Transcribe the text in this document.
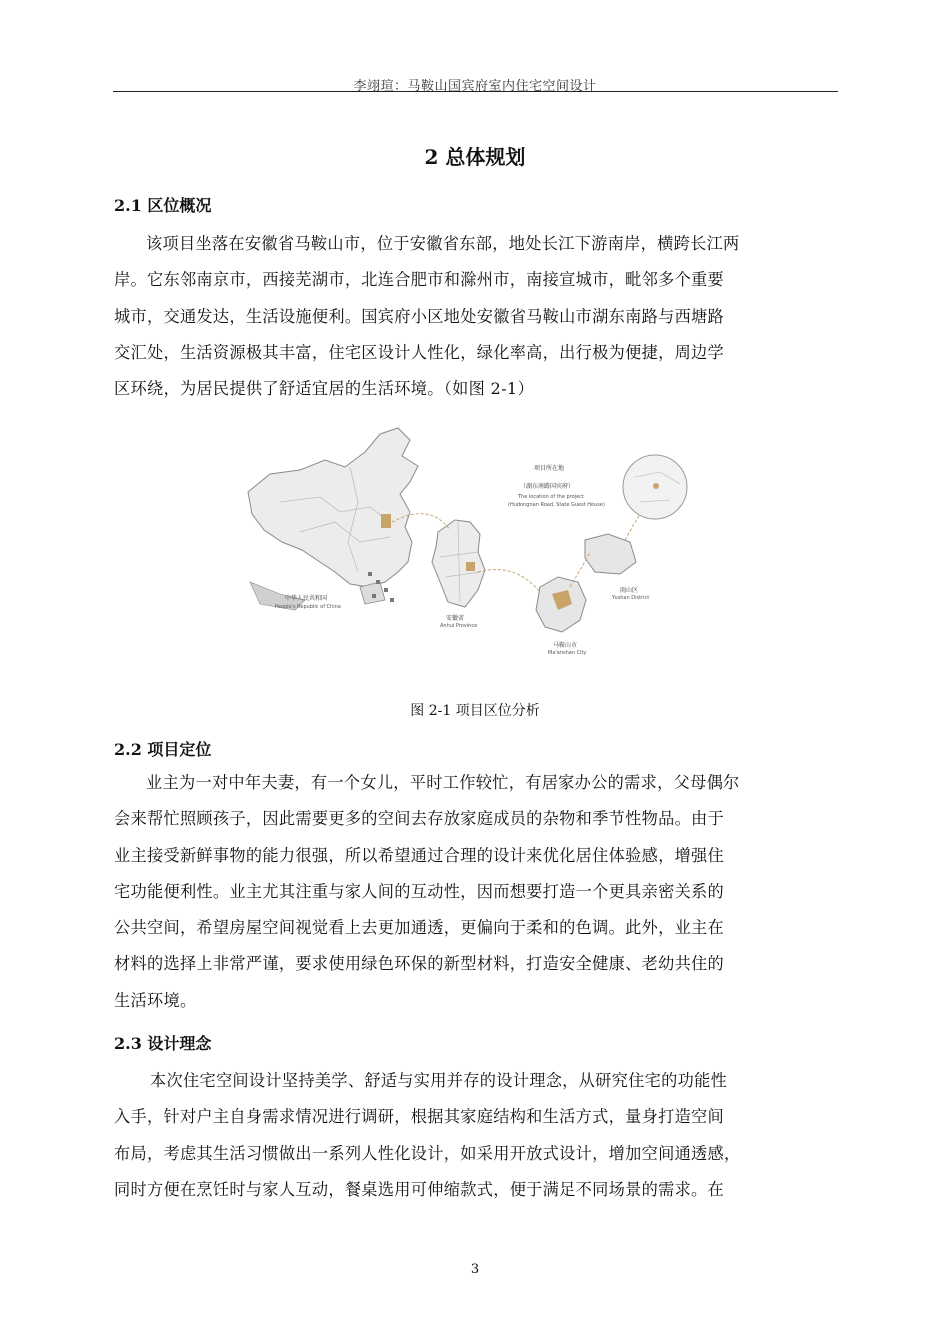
李翊瑄：马鞍山国宾府室内住宅空间设计
2 总体规划
2.1 区位概况
该项目坐落在安徽省马鞍山市，位于安徽省东部，地处长江下游南岸，横跨长江两
岸。它东邻南京市，西接芜湖市，北连合肥市和滁州市，南接宣城市，毗邻多个重要
城市，交通发达，生活设施便利。国宾府小区地处安徽省马鞍山市湖东南路与西塘路
交汇处，生活资源极其丰富，住宅区设计人性化，绿化率高，出行极为便捷，周边学
区环绕，为居民提供了舒适宜居的生活环境。（如图 2-1）
中华人民共和国
People's Republic of China
安徽省
Anhui Province
马鞍山市
Ma'anshan City
雨山区
Yushan District
项目所在地
（湖东南路国宾府）
The location of the project
(Hudongnan Road, State Guest House)
图 2-1 项目区位分析
2.2 项目定位
业主为一对中年夫妻，有一个女儿，平时工作较忙，有居家办公的需求，父母偶尔
会来帮忙照顾孩子，因此需要更多的空间去存放家庭成员的杂物和季节性物品。由于
业主接受新鲜事物的能力很强，所以希望通过合理的设计来优化居住体验感，增强住
宅功能便利性。业主尤其注重与家人间的互动性，因而想要打造一个更具亲密关系的
公共空间，希望房屋空间视觉看上去更加通透，更偏向于柔和的色调。此外，业主在
材料的选择上非常严谨，要求使用绿色环保的新型材料，打造安全健康、老幼共住的
生活环境。
2.3 设计理念
本次住宅空间设计坚持美学、舒适与实用并存的设计理念，从研究住宅的功能性
入手，针对户主自身需求情况进行调研，根据其家庭结构和生活方式，量身打造空间
布局，考虑其生活习惯做出一系列人性化设计，如采用开放式设计，增加空间通透感，
同时方便在烹饪时与家人互动，餐桌选用可伸缩款式，便于满足不同场景的需求。在
3
